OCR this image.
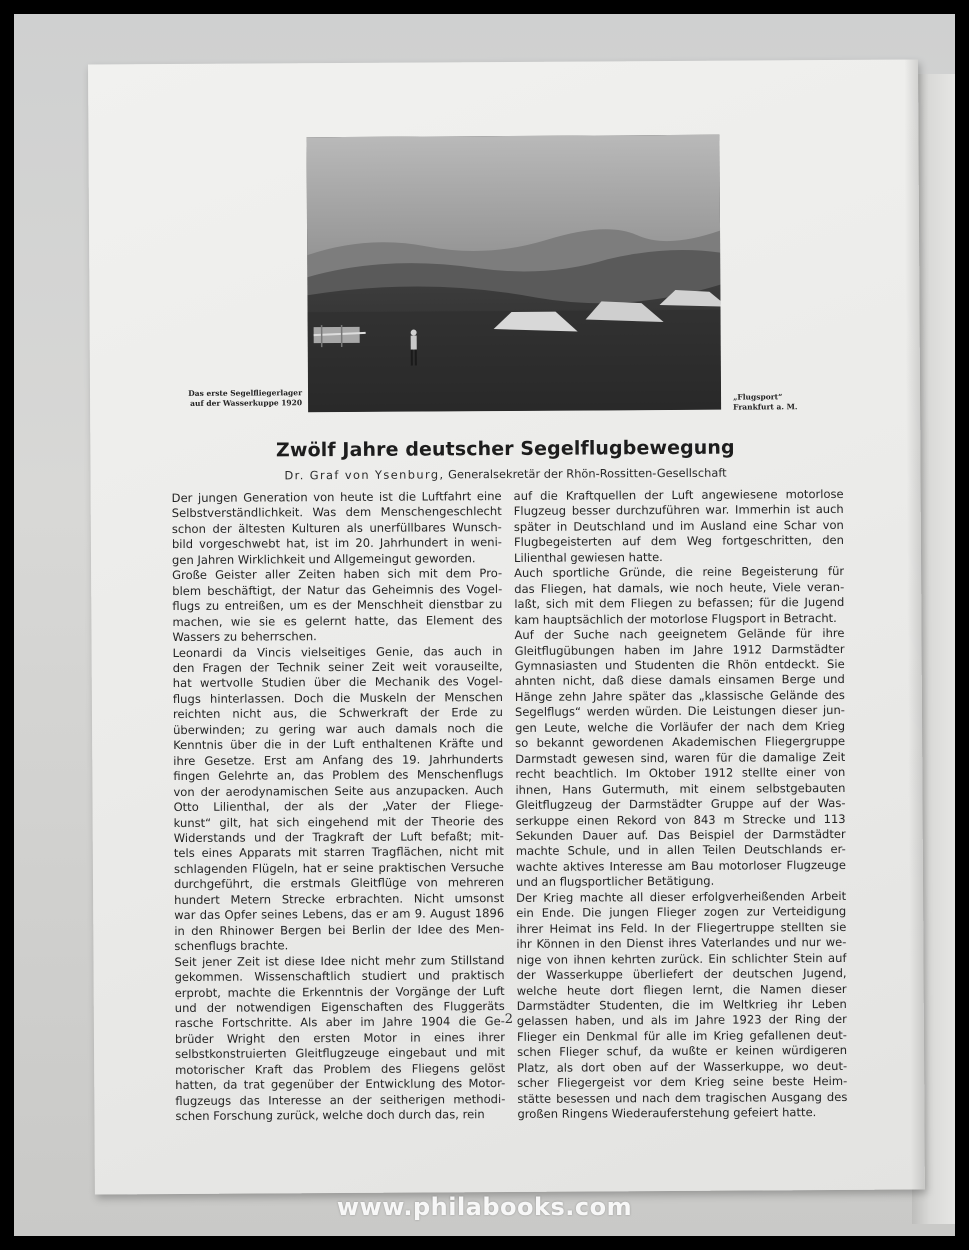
Das erste Segelfliegerlager
auf der Wasserkuppe 1920
„Flugsport“
Frankfurt a. M.
Zwölf Jahre deutscher Segelflugbewegung
Dr. Graf von Ysenburg, Generalsekretär der Rhön-Rossitten-Gesellschaft
Der jungen Generation von heute ist die Luftfahrt eine
Selbstverständlichkeit. Was dem Menschengeschlecht
schon der ältesten Kulturen als unerfüllbares Wunsch-
bild vorgeschwebt hat, ist im 20. Jahrhundert in weni-
gen Jahren Wirklichkeit und Allgemeingut geworden.
Große Geister aller Zeiten haben sich mit dem Pro-
blem beschäftigt, der Natur das Geheimnis des Vogel-
flugs zu entreißen, um es der Menschheit dienstbar zu
machen, wie sie es gelernt hatte, das Element des
Wassers zu beherrschen.
Leonardi da Vincis vielseitiges Genie, das auch in
den Fragen der Technik seiner Zeit weit vorauseilte,
hat wertvolle Studien über die Mechanik des Vogel-
flugs hinterlassen. Doch die Muskeln der Menschen
reichten nicht aus, die Schwerkraft der Erde zu
überwinden; zu gering war auch damals noch die
Kenntnis über die in der Luft enthaltenen Kräfte und
ihre Gesetze. Erst am Anfang des 19. Jahrhunderts
fingen Gelehrte an, das Problem des Menschenflugs
von der aerodynamischen Seite aus anzupacken. Auch
Otto Lilienthal, der als der „Vater der Fliege-
kunst“ gilt, hat sich eingehend mit der Theorie des
Widerstands und der Tragkraft der Luft befaßt; mit-
tels eines Apparats mit starren Tragflächen, nicht mit
schlagenden Flügeln, hat er seine praktischen Versuche
durchgeführt, die erstmals Gleitflüge von mehreren
hundert Metern Strecke erbrachten. Nicht umsonst
war das Opfer seines Lebens, das er am 9. August 1896
in den Rhinower Bergen bei Berlin der Idee des Men-
schenflugs brachte.
Seit jener Zeit ist diese Idee nicht mehr zum Stillstand
gekommen. Wissenschaftlich studiert und praktisch
erprobt, machte die Erkenntnis der Vorgänge der Luft
und der notwendigen Eigenschaften des Fluggeräts
rasche Fortschritte. Als aber im Jahre 1904 die Ge-
brüder Wright den ersten Motor in eines ihrer
selbstkonstruierten Gleitflugzeuge eingebaut und mit
motorischer Kraft das Problem des Fliegens gelöst
hatten, da trat gegenüber der Entwicklung des Motor-
flugzeugs das Interesse an der seitherigen methodi-
schen Forschung zurück, welche doch durch das, rein
auf die Kraftquellen der Luft angewiesene motorlose
Flugzeug besser durchzuführen war. Immerhin ist auch
später in Deutschland und im Ausland eine Schar von
Flugbegeisterten auf dem Weg fortgeschritten, den
Lilienthal gewiesen hatte.
Auch sportliche Gründe, die reine Begeisterung für
das Fliegen, hat damals, wie noch heute, Viele veran-
laßt, sich mit dem Fliegen zu befassen; für die Jugend
kam hauptsächlich der motorlose Flugsport in Betracht.
Auf der Suche nach geeignetem Gelände für ihre
Gleitflugübungen haben im Jahre 1912 Darmstädter
Gymnasiasten und Studenten die Rhön entdeckt. Sie
ahnten nicht, daß diese damals einsamen Berge und
Hänge zehn Jahre später das „klassische Gelände des
Segelflugs“ werden würden. Die Leistungen dieser jun-
gen Leute, welche die Vorläufer der nach dem Krieg
so bekannt gewordenen Akademischen Fliegergruppe
Darmstadt gewesen sind, waren für die damalige Zeit
recht beachtlich. Im Oktober 1912 stellte einer von
ihnen, Hans Gutermuth, mit einem selbstgebauten
Gleitflugzeug der Darmstädter Gruppe auf der Was-
serkuppe einen Rekord von 843 m Strecke und 113
Sekunden Dauer auf. Das Beispiel der Darmstädter
machte Schule, und in allen Teilen Deutschlands er-
wachte aktives Interesse am Bau motorloser Flugzeuge
und an flugsportlicher Betätigung.
Der Krieg machte all dieser erfolgverheißenden Arbeit
ein Ende. Die jungen Flieger zogen zur Verteidigung
ihrer Heimat ins Feld. In der Fliegertruppe stellten sie
ihr Können in den Dienst ihres Vaterlandes und nur we-
nige von ihnen kehrten zurück. Ein schlichter Stein auf
der Wasserkuppe überliefert der deutschen Jugend,
welche heute dort fliegen lernt, die Namen dieser
Darmstädter Studenten, die im Weltkrieg ihr Leben
gelassen haben, und als im Jahre 1923 der Ring der
Flieger ein Denkmal für alle im Krieg gefallenen deut-
schen Flieger schuf, da wußte er keinen würdigeren
Platz, als dort oben auf der Wasserkuppe, wo deut-
scher Fliegergeist vor dem Krieg seine beste Heim-
stätte besessen und nach dem tragischen Ausgang des
großen Ringens Wiederauferstehung gefeiert hatte.
2
www.philabooks.com
